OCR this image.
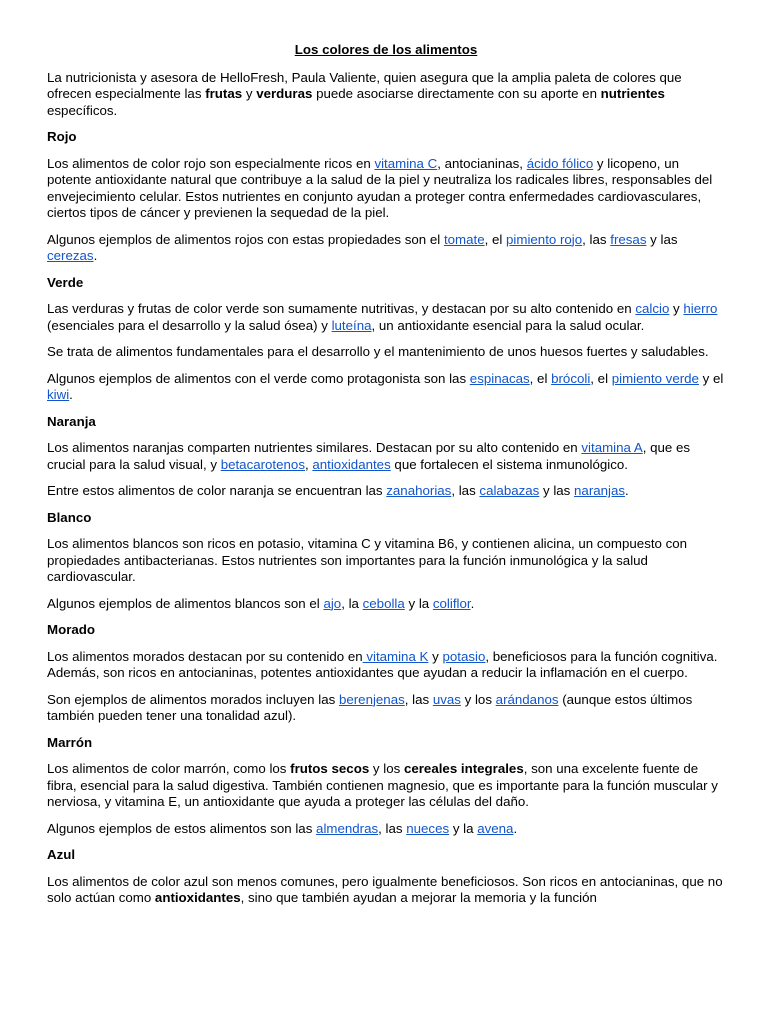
Los colores de los alimentos

La nutricionista y asesora de HelloFresh, Paula Valiente, quien asegura que la amplia paleta de colores que ofrecen especialmente las frutas y verduras puede asociarse directamente con su aporte en nutrientes específicos.

Rojo

Los alimentos de color rojo son especialmente ricos en vitamina C, antocianinas, ácido fólico y licopeno, un potente antioxidante natural que contribuye a la salud de la piel y neutraliza los radicales libres, responsables del envejecimiento celular. Estos nutrientes en conjunto ayudan a proteger contra enfermedades cardiovasculares, ciertos tipos de cáncer y previenen la sequedad de la piel.

Algunos ejemplos de alimentos rojos con estas propiedades son el tomate, el pimiento rojo, las fresas y las cerezas.

Verde

Las verduras y frutas de color verde son sumamente nutritivas, y destacan por su alto contenido en calcio y hierro (esenciales para el desarrollo y la salud ósea) y luteína, un antioxidante esencial para la salud ocular.

Se trata de alimentos fundamentales para el desarrollo y el mantenimiento de unos huesos fuertes y saludables.

Algunos ejemplos de alimentos con el verde como protagonista son las espinacas, el brócoli, el pimiento verde y el kiwi.

Naranja

Los alimentos naranjas comparten nutrientes similares. Destacan por su alto contenido en vitamina A, que es crucial para la salud visual, y betacarotenos, antioxidantes que fortalecen el sistema inmunológico.

Entre estos alimentos de color naranja se encuentran las zanahorias, las calabazas y las naranjas.

Blanco

Los alimentos blancos son ricos en potasio, vitamina C y vitamina B6, y contienen alicina, un compuesto con propiedades antibacterianas. Estos nutrientes son importantes para la función inmunológica y la salud cardiovascular.

Algunos ejemplos de alimentos blancos son el ajo, la cebolla y la coliflor.

Morado

Los alimentos morados destacan por su contenido en vitamina K y potasio, beneficiosos para la función cognitiva. Además, son ricos en antocianinas, potentes antioxidantes que ayudan a reducir la inflamación en el cuerpo.

Son ejemplos de alimentos morados incluyen las berenjenas, las uvas y los arándanos (aunque estos últimos también pueden tener una tonalidad azul).

Marrón

Los alimentos de color marrón, como los frutos secos y los cereales integrales, son una excelente fuente de fibra, esencial para la salud digestiva. También contienen magnesio, que es importante para la función muscular y nerviosa, y vitamina E, un antioxidante que ayuda a proteger las células del daño.

Algunos ejemplos de estos alimentos son las almendras, las nueces y la avena.

Azul

Los alimentos de color azul son menos comunes, pero igualmente beneficiosos. Son ricos en antocianinas, que no solo actúan como antioxidantes, sino que también ayudan a mejorar la memoria y la función
